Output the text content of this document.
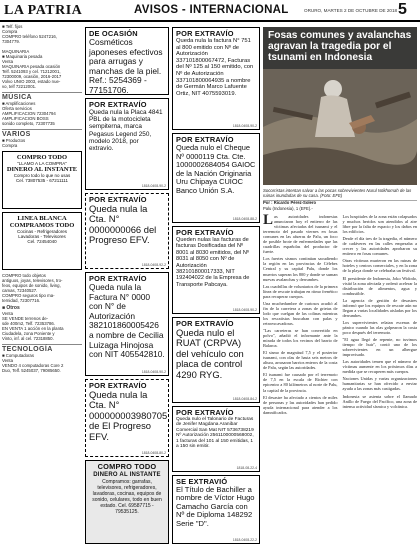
LA PATRIA	AVISOS - INTERNACIONAL	ORURO, MARTES 2 DE OCTUBRE DE 2018 5
■ Telf. fijos
Compra
COMPRO teléfono 5247216,
7304779.

MAQUINARIA
■ Maquinaria pesada
Venta
MAQUINARIA pesada ocasión
Telf. 5241093 y cel. 71212001,
72300009, ocasión, 2016-2017
Volvo UNIO 2003, estado nue-
vo, telf 72212001.
MÚSICA
■ Amplificaciones
Oferta servicios
AMPLIFICACION 72304794
AMPLIFICACION BOSS
sonido completo, 72307735
VARIOS
■ Productos
Compra
COMPRO TODO
"LLAMO A LA COMPRA"
DINERO AL INSTANTE
Compro todo lo que no usas
Cel. 73807535 - 67211111
LINEA BLANCA
COMPRAMOS TODO
Cocinas - Refrigeradores
Lavadoras - Televisores
Cel. 72454040
COMPRO todo objetos
antiguos, joyas, televisores, tro-
feos, equipos de sonido, living,
camas, 72340527.
COMPRO seguros tipo ma-
ternidad, 72307716.
■ Otros
Venta
SE VENDE terrenos de-
sde 400m2, Telf. 72353786.
EN VENTA 1 acción en la planta
Ciudadela, zona Poniente y
Vinto, inf. al cel. 72318850.
TECNOLOGÍA
■ Computadoras
Venta
VENDO 4 computadoras Core 2
Duo, Telf. 5245037, 79085650.
DE OCASIÓN
Cosméticos japoneses efectivos para arrugas y manchas de la piel. Ref.: 5254369 - 77151706.
POR EXTRAVÍO
Queda nula la Placa 4841 PBL de la motocicleta sempiterna, marca Pegasus Legend 250, modelo 2018, por extravío.
1818-0408-90-2
POR EXTRAVÍO
Queda nula la Cta. N° 0000000066 del Progreso EFV.
1818-0408-92-2
POR EXTRAVÍO
Queda nula la Factura N° 0000 con N° de Autorización 382101860005426 a nombre de Cecilia Luizaga Hinojosa con NIT 405542810.
1818-0408-90-2
POR EXTRAVÍO
Queda nula la Cta. N° 000000003980705 de El Progreso EFV.
1818-0408-80-2
COMPRO TODO
DINERO AL INSTANTE
Compramos: garrafas, televisores, refrigeradores, lavadoras, cocinas, equipos de sonido, celulares, todo en buen estado. Cel. 69587715 - 79535125.
POR EXTRAVÍO
Queda nula la factura N° 751 al 800 emitido con Nº de Autorización 337101800067472, Facturas del Nº 125 al 150 emitido, con Nº de Autorización 337101800064935 a nombre de Germán Marco Lafuente Ortiz, NIT 4075593019.
1818-0408-90-2
POR EXTRAVÍO
Queda nulo el Cheque Nº 0000119 Cta. Cte. 1000002684054 GAIOC de la Nación Originaria Uru Chipaya CUIOC Banco Unión S.A.
1818-0408-88-2
POR EXTRAVÍO
Queden nulas las facturas de facturas Dosificadas del Nº 8001 al 8030 emitidos, del Nº 8031 al 8050 con Nº de Autorización 382101800017333, NIT 192404022 de la Empresa de Transporte Pabcaya.
1818-0408-90-2
POR EXTRAVÍO
Queda nulo el RUAT (CRPVA) del vehículo con placa de control 4290 RYG.
1818-0408-84-2
POR EXTRAVÍO
Queda nulo el Talonario de Facturas de Jenifer Magdana Aranibar Comercial San Mat NIT 5736738219 Nº Autorización 2561100000568002, 1 facturas del 101 al 150 emitidas, 1 a 150 sin emitir.
1818-08-22-4
SE EXTRAVIÓ
El Título de Bachiller a nombre de Víctor Hugo Camacho García con Nº de Diploma 148292 Serie "D".
1818-0408-22-2
Fosas comunes y avalanchas agravan la tragedia por el tsunami en Indonesia
Socorristas intentan salvar a las pocas sobrevivientes Nurul Istikhomah de las ruinas inundadas de su casa. (Foto: EFE)
Por : Ricardo Pérez-Solero
Palu (Indonesia), 1 (EFE).-

Las autoridades indonesias anunciaron hoy el entierro de las víctimas afectadas del tsunami y el terremoto del pasado viernes en fosas comunes en las afueras de Palu, un foco de posible brote de enfermedades que las cuadrillas españolas del productor de fuerte.

Los fuertes sismos continúan sacudiendo la región en las provincias de Célebes Central y su capital Palu, donde los muertos superan los 800 y donde se suman nuevas avalanchas y derrumbes.

Las cuadrillas de voluntarios de la primera línea de rescate trabajan en ritmo frenético para recuperar cuerpos.

Una muchedumbre de curiosos acudió al fin de la carretera a zonas de grietas de lodo que cuelgan de las colinas mientras los rescatistas buscaban con palas y retroexcavadoras.

"Las carreteras se han convertido en polvo", añadió el informante ante la mirada de todos los vecinos del barrio de Balaroa.

El sismo de magnitud 7,5 y el posterior tsunami, con olas de hasta seis metros de altura, arrasaron barrios enteros de la costa de Palu, según las autoridades.

El tsunami fue causado por el terremoto de 7,5 en la escala de Richter con epicentro a 80 kilómetros al norte de Palu, la capital de la provincia.

El desastre ha afectado a cientos de miles de personas y las autoridades han pedido ayuda internacional para atender a los damnificados.

Los hospitales de la zona están colapsados y muchos heridos son atendidos al aire libre por la falta de espacio y los daños en los edificios.

Desde el día tres de la tragedia, el número de cadáveres en las calles empezaba a crecer y las autoridades aprobaron su entierro en fosas comunes.

Otras víctimas murieron en las ruinas de hoteles y centros comerciales, y en la zona de la playa donde se celebraba un festival.

El presidente de Indonesia, Joko Widodo, visitó la zona afectada y ordenó acelerar la distribución de alimentos, agua y combustible.

La agencia de gestión de desastres informó que los equipos de rescate aún no llegan a varias localidades aisladas por los derrumbes.

Los supervivientes relatan escenas de pánico cuando las olas golpearon la costa poco después del terremoto.

"El agua llegó de repente, no tuvimos tiempo de huir", contó uno de los sobrevivientes en un albergue improvisado.

Las autoridades temen que el número de víctimas aumente en los próximos días a medida que se recuperen más cuerpos.

Naciones Unidas y varias organizaciones humanitarias se han ofrecido a enviar ayuda a las zonas más castigadas.

Indonesia se asienta sobre el llamado Anillo de Fuego del Pacífico, una zona de intensa actividad sísmica y volcánica.
